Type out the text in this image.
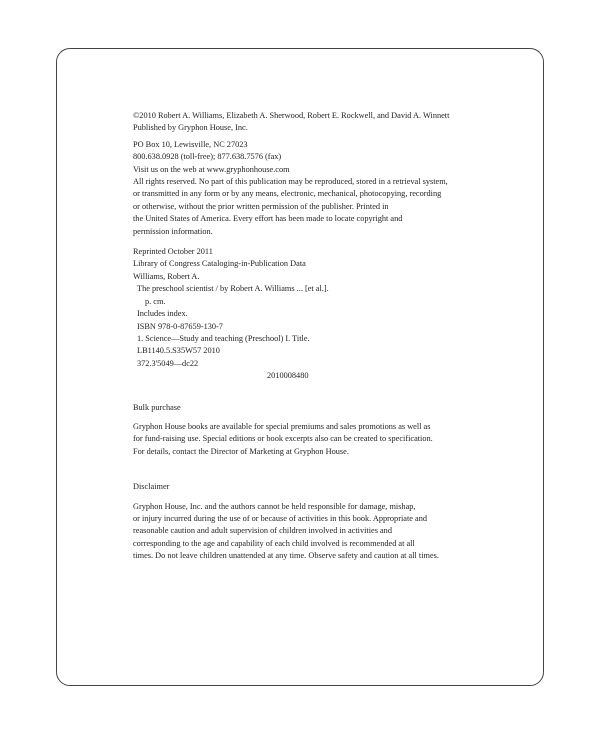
©2010 Robert A. Williams, Elizabeth A. Sherwood, Robert E. Rockwell, and David A. Winnett

Published by Gryphon House, Inc.

PO Box 10, Lewisville, NC 27023

800.638.0928 (toll-free); 877.638.7576 (fax)

Visit us on the web at www.gryphonhouse.com

All rights reserved. No part of this publication may be reproduced, stored in a retrieval system,

or transmitted in any form or by any means, electronic, mechanical, photocopying, recording

or otherwise, without the prior written permission of the publisher. Printed in

the United States of America. Every effort has been made to locate copyright and

permission information.

Reprinted October 2011

Library of Congress Cataloging-in-Publication Data

Williams, Robert A.

The preschool scientist / by Robert A. Williams ... [et al.].

p. cm.

Includes index.

ISBN 978-0-87659-130-7

1. Science—Study and teaching (Preschool) I. Title.

LB1140.5.S35W57 2010

372.3'5049—dc22

2010008480

Bulk purchase

Gryphon House books are available for special premiums and sales promotions as well as

for fund-raising use. Special editions or book excerpts also can be created to specification.

For details, contact the Director of Marketing at Gryphon House.

Disclaimer

Gryphon House, Inc. and the authors cannot be held responsible for damage, mishap,

or injury incurred during the use of or because of activities in this book. Appropriate and

reasonable caution and adult supervision of children involved in activities and

corresponding to the age and capability of each child involved is recommended at all

times. Do not leave children unattended at any time. Observe safety and caution at all times.
